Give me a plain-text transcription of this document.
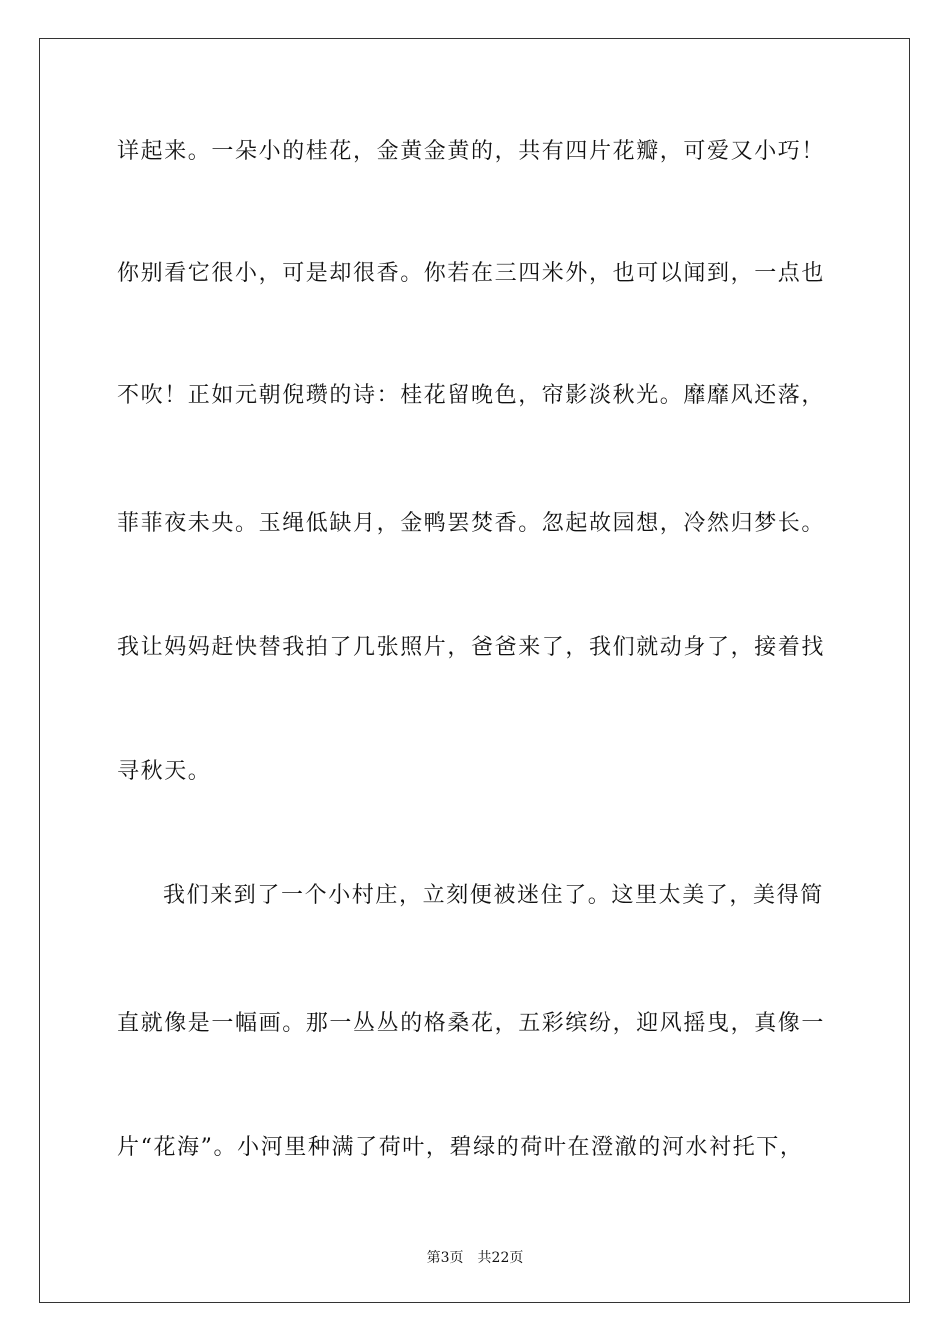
详起来。一朵小的桂花，金黄金黄的，共有四片花瓣，可爱又小巧！
你别看它很小，可是却很香。你若在三四米外，也可以闻到，一点也
不吹！正如元朝倪瓒的诗：桂花留晚色，帘影淡秋光。靡靡风还落，
菲菲夜未央。玉绳低缺月，金鸭罢焚香。忽起故园想，冷然归梦长。
我让妈妈赶快替我拍了几张照片，爸爸来了，我们就动身了，接着找
寻秋天。
我们来到了一个小村庄，立刻便被迷住了。这里太美了，美得简
直就像是一幅画。那一丛丛的格桑花，五彩缤纷，迎风摇曳，真像一
片“花海”。小河里种满了荷叶，碧绿的荷叶在澄澈的河水衬托下，
第3页 共22页
